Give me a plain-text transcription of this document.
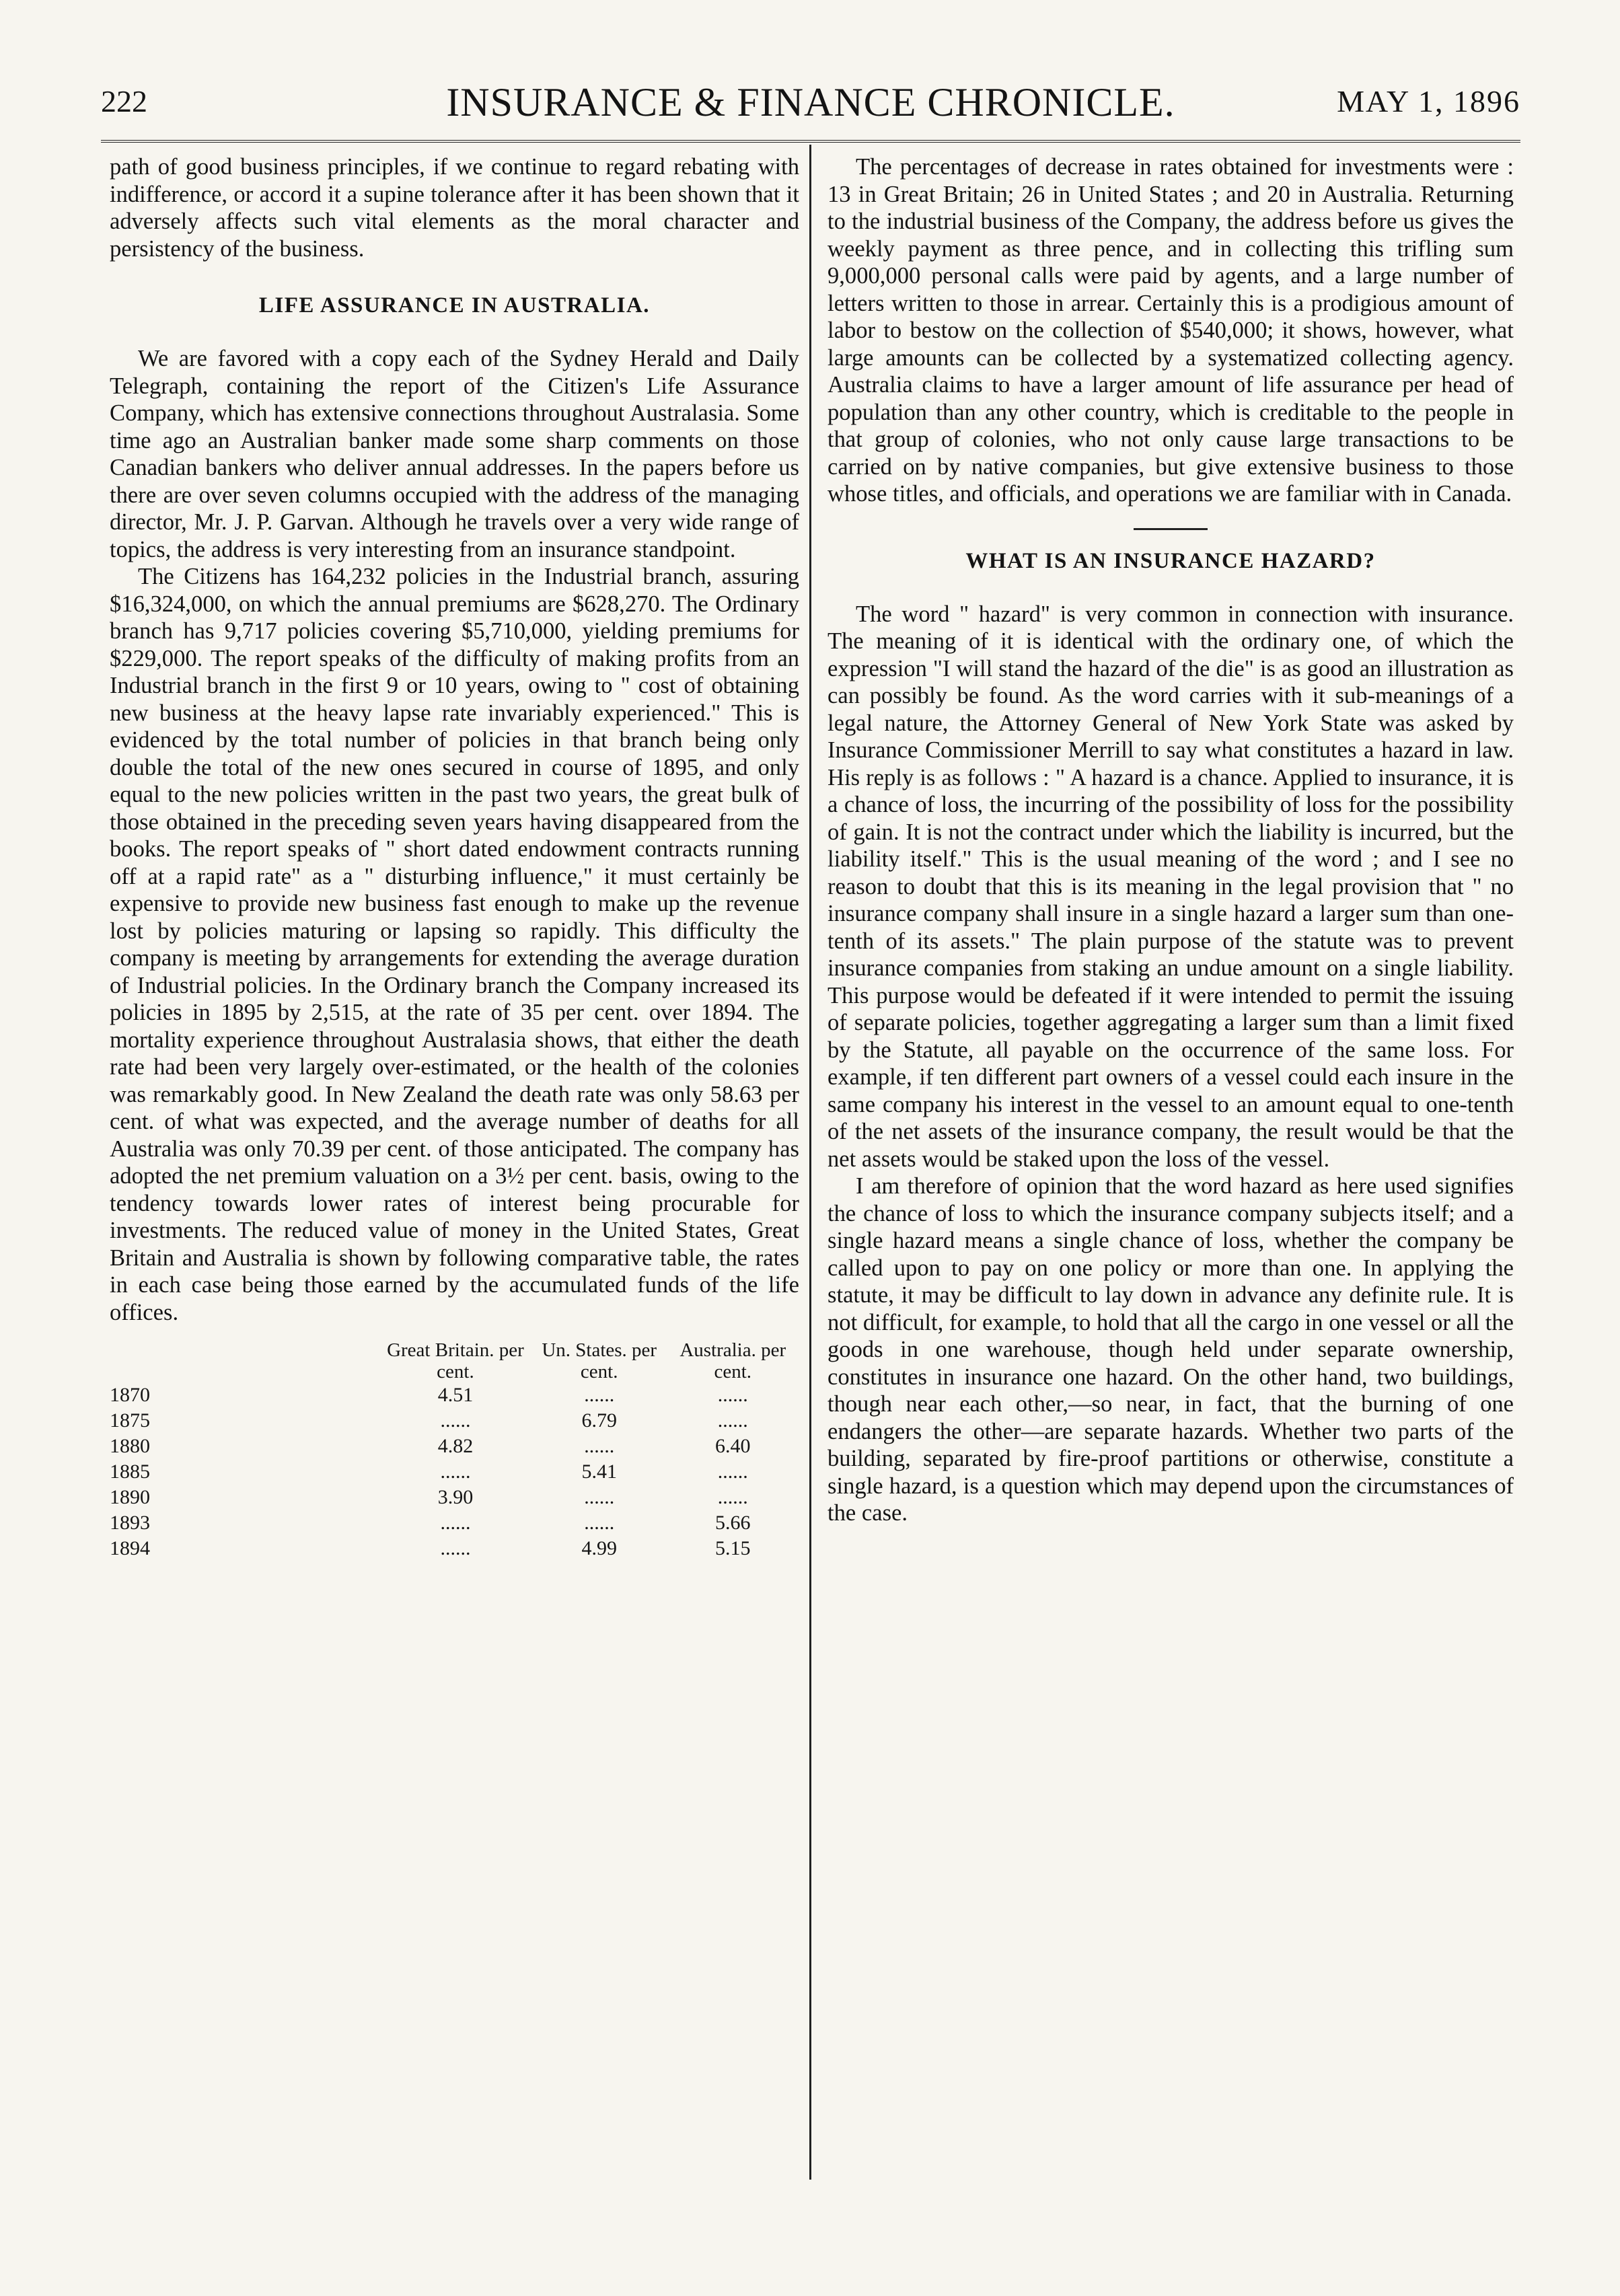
222	INSURANCE & FINANCE CHRONICLE.	MAY 1, 1896

path of good business principles, if we continue to regard rebating with indifference, or accord it a supine tolerance after it has been shown that it adversely affects such vital elements as the moral character and persistency of the business.

LIFE ASSURANCE IN AUSTRALIA.

We are favored with a copy each of the Sydney Herald and Daily Telegraph, containing the report of the Citizen's Life Assurance Company, which has extensive connections throughout Australasia. Some time ago an Australian banker made some sharp comments on those Canadian bankers who deliver annual addresses. In the papers before us there are over seven columns occupied with the address of the managing director, Mr. J. P. Garvan. Although he travels over a very wide range of topics, the address is very interesting from an insurance standpoint.

The Citizens has 164,232 policies in the Industrial branch, assuring $16,324,000, on which the annual premiums are $628,270. The Ordinary branch has 9,717 policies covering $5,710,000, yielding premiums for $229,000. The report speaks of the difficulty of making profits from an Industrial branch in the first 9 or 10 years, owing to " cost of obtaining new business at the heavy lapse rate invariably experienced." This is evidenced by the total number of policies in that branch being only double the total of the new ones secured in course of 1895, and only equal to the new policies written in the past two years, the great bulk of those obtained in the preceding seven years having disappeared from the books. The report speaks of " short dated endowment contracts running off at a rapid rate" as a " disturbing influence," it must certainly be expensive to provide new business fast enough to make up the revenue lost by policies maturing or lapsing so rapidly. This difficulty the company is meeting by arrangements for extending the average duration of Industrial policies. In the Ordinary branch the Company increased its policies in 1895 by 2,515, at the rate of 35 per cent. over 1894. The mortality experience throughout Australasia shows, that either the death rate had been very largely over-estimated, or the health of the colonies was remarkably good. In New Zealand the death rate was only 58.63 per cent. of what was expected, and the average number of deaths for all Australia was only 70.39 per cent. of those anticipated. The company has adopted the net premium valuation on a 3½ per cent. basis, owing to the tendency towards lower rates of interest being procurable for investments. The reduced value of money in the United States, Great Britain and Australia is shown by following comparative table, the rates in each case being those earned by the accumulated funds of the life offices.

	Great Britain. per cent.	Un. States. per cent.	Australia. per cent.
1870	4.51	......	......
1875	......	6.79	......
1880	4.82	......	6.40
1885	......	5.41	......
1890	3.90	......	......
1893	......	......	5.66
1894	......	4.99	5.15

The percentages of decrease in rates obtained for investments were : 13 in Great Britain; 26 in United States ; and 20 in Australia. Returning to the industrial business of the Company, the address before us gives the weekly payment as three pence, and in collecting this trifling sum 9,000,000 personal calls were paid by agents, and a large number of letters written to those in arrear. Certainly this is a prodigious amount of labor to bestow on the collection of $540,000; it shows, however, what large amounts can be collected by a systematized collecting agency. Australia claims to have a larger amount of life assurance per head of population than any other country, which is creditable to the people in that group of colonies, who not only cause large transactions to be carried on by native companies, but give extensive business to those whose titles, and officials, and operations we are familiar with in Canada.

WHAT IS AN INSURANCE HAZARD?

The word " hazard" is very common in connection with insurance. The meaning of it is identical with the ordinary one, of which the expression "I will stand the hazard of the die" is as good an illustration as can possibly be found. As the word carries with it sub-meanings of a legal nature, the Attorney General of New York State was asked by Insurance Commissioner Merrill to say what constitutes a hazard in law. His reply is as follows : " A hazard is a chance. Applied to insurance, it is a chance of loss, the incurring of the possibility of loss for the possibility of gain. It is not the contract under which the liability is incurred, but the liability itself." This is the usual meaning of the word ; and I see no reason to doubt that this is its meaning in the legal provision that " no insurance company shall insure in a single hazard a larger sum than one-tenth of its assets." The plain purpose of the statute was to prevent insurance companies from staking an undue amount on a single liability. This purpose would be defeated if it were intended to permit the issuing of separate policies, together aggregating a larger sum than a limit fixed by the Statute, all payable on the occurrence of the same loss. For example, if ten different part owners of a vessel could each insure in the same company his interest in the vessel to an amount equal to one-tenth of the net assets of the insurance company, the result would be that the net assets would be staked upon the loss of the vessel.

I am therefore of opinion that the word hazard as here used signifies the chance of loss to which the insurance company subjects itself; and a single hazard means a single chance of loss, whether the company be called upon to pay on one policy or more than one. In applying the statute, it may be difficult to lay down in advance any definite rule. It is not difficult, for example, to hold that all the cargo in one vessel or all the goods in one warehouse, though held under separate ownership, constitutes in insurance one hazard. On the other hand, two buildings, though near each other,—so near, in fact, that the burning of one endangers the other—are separate hazards. Whether two parts of the building, separated by fire-proof partitions or otherwise, constitute a single hazard, is a question which may depend upon the circumstances of the case.
